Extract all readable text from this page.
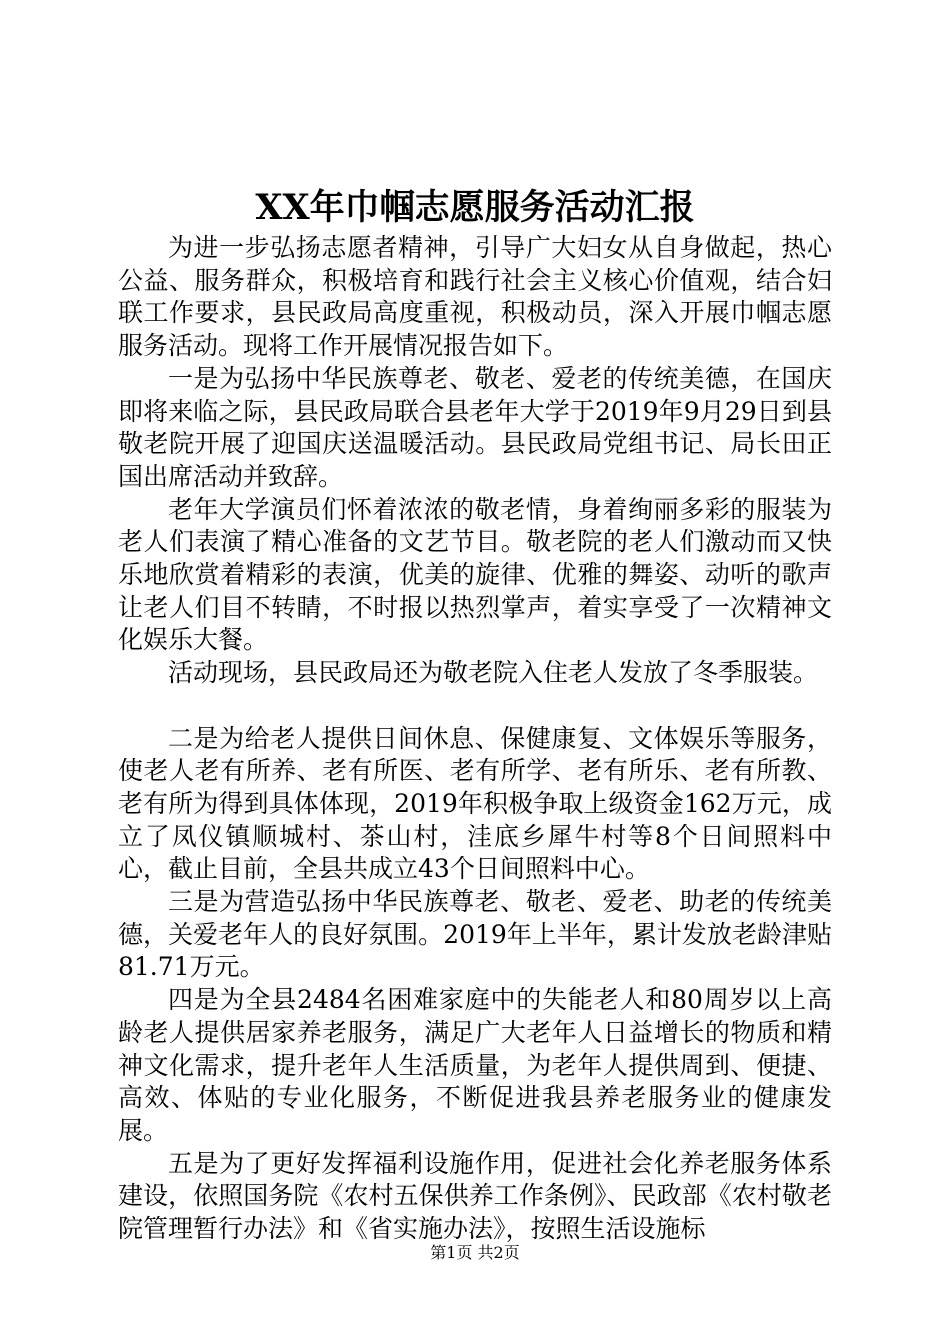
XX年巾帼志愿服务活动汇报

为进一步弘扬志愿者精神，引导广大妇女从自身做起，热心公益、服务群众，积极培育和践行社会主义核心价值观，结合妇联工作要求，县民政局高度重视，积极动员，深入开展巾帼志愿服务活动。现将工作开展情况报告如下。

一是为弘扬中华民族尊老、敬老、爱老的传统美德，在国庆即将来临之际，县民政局联合县老年大学于2019年9月29日到县敬老院开展了迎国庆送温暖活动。县民政局党组书记、局长田正国出席活动并致辞。

老年大学演员们怀着浓浓的敬老情，身着绚丽多彩的服装为老人们表演了精心准备的文艺节目。敬老院的老人们激动而又快乐地欣赏着精彩的表演，优美的旋律、优雅的舞姿、动听的歌声让老人们目不转睛，不时报以热烈掌声，着实享受了一次精神文化娱乐大餐。

活动现场，县民政局还为敬老院入住老人发放了冬季服装。

二是为给老人提供日间休息、保健康复、文体娱乐等服务，使老人老有所养、老有所医、老有所学、老有所乐、老有所教、老有所为得到具体体现，2019年积极争取上级资金162万元，成立了凤仪镇顺城村、茶山村，洼底乡犀牛村等8个日间照料中心，截止目前，全县共成立43个日间照料中心。

三是为营造弘扬中华民族尊老、敬老、爱老、助老的传统美德，关爱老年人的良好氛围。2019年上半年，累计发放老龄津贴81.71万元。

四是为全县2484名困难家庭中的失能老人和80周岁以上高龄老人提供居家养老服务，满足广大老年人日益增长的物质和精神文化需求，提升老年人生活质量，为老年人提供周到、便捷、高效、体贴的专业化服务，不断促进我县养老服务业的健康发展。

五是为了更好发挥福利设施作用，促进社会化养老服务体系建设，依照国务院《农村五保供养工作条例》、民政部《农村敬老院管理暂行办法》和《省实施办法》，按照生活设施标

第1页 共2页
